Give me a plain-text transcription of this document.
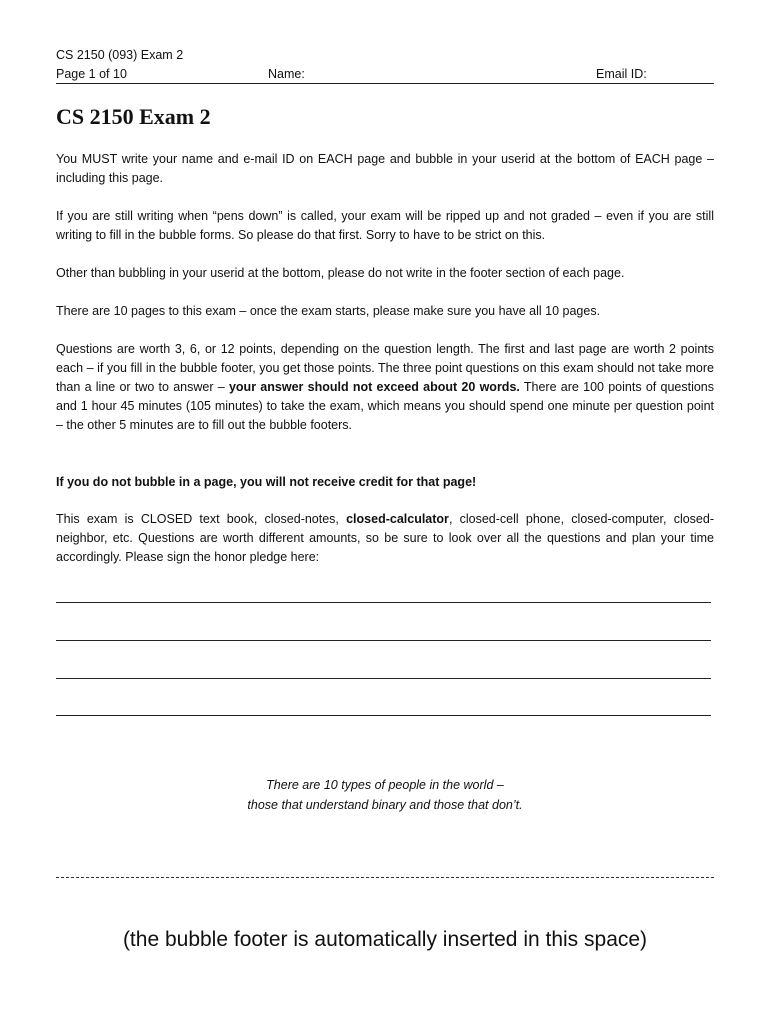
CS 2150 (093) Exam 2
Page 1 of 10	Name:	Email ID:
CS 2150 Exam 2

You MUST write your name and e-mail ID on EACH page and bubble in your userid at the bottom of EACH page – including this page.

If you are still writing when “pens down” is called, your exam will be ripped up and not graded – even if you are still writing to fill in the bubble forms. So please do that first. Sorry to have to be strict on this.

Other than bubbling in your userid at the bottom, please do not write in the footer section of each page.

There are 10 pages to this exam – once the exam starts, please make sure you have all 10 pages.

Questions are worth 3, 6, or 12 points, depending on the question length. The first and last page are worth 2 points each – if you fill in the bubble footer, you get those points. The three point questions on this exam should not take more than a line or two to answer – your answer should not exceed about 20 words. There are 100 points of questions and 1 hour 45 minutes (105 minutes) to take the exam, which means you should spend one minute per question point – the other 5 minutes are to fill out the bubble footers.

If you do not bubble in a page, you will not receive credit for that page!

This exam is CLOSED text book, closed-notes, closed-calculator, closed-cell phone, closed-computer, closed-neighbor, etc. Questions are worth different amounts, so be sure to look over all the questions and plan your time accordingly. Please sign the honor pledge here:

There are 10 types of people in the world –
those that understand binary and those that don’t.
(the bubble footer is automatically inserted in this space)
